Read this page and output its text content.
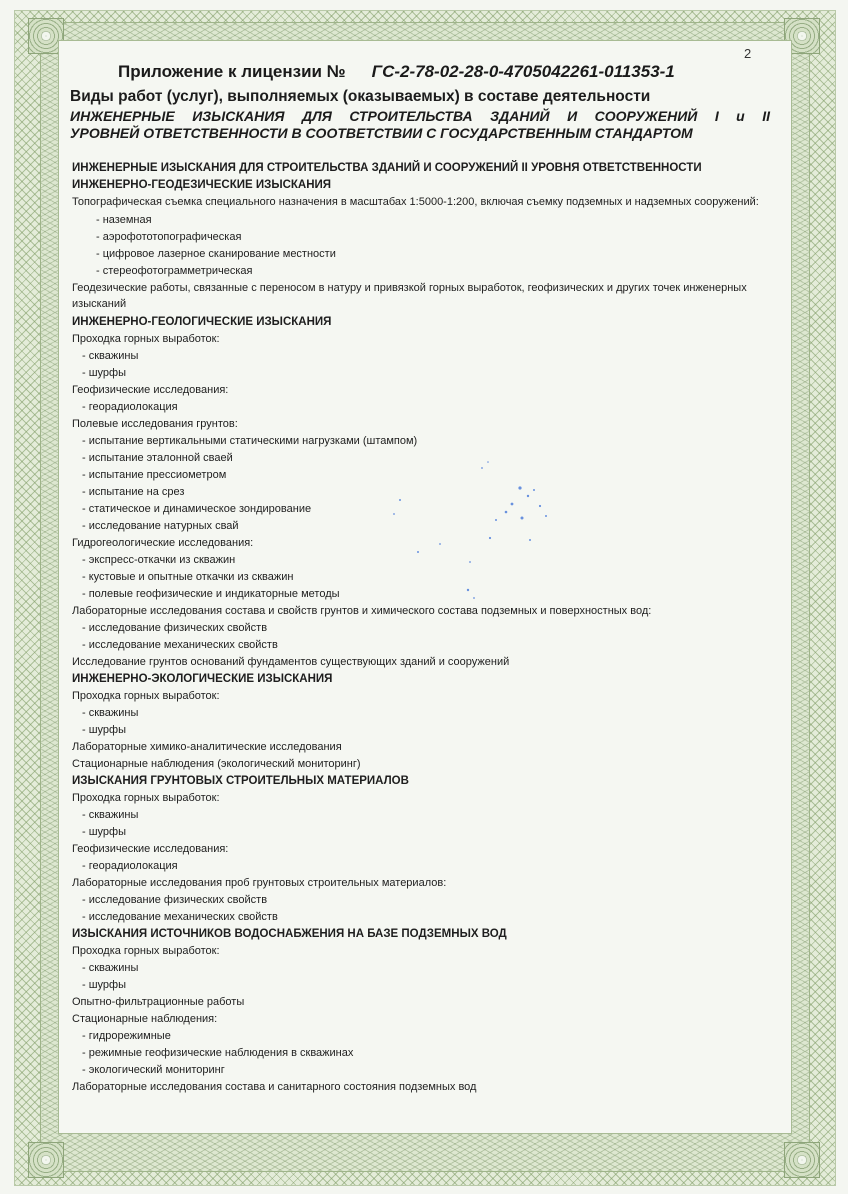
2
Приложение к лицензии № ГС-2-78-02-28-0-4705042261-011353-1
Виды работ (услуг), выполняемых (оказываемых) в составе деятельности
ИНЖЕНЕРНЫЕ ИЗЫСКАНИЯ ДЛЯ СТРОИТЕЛЬСТВА ЗДАНИЙ И СООРУЖЕНИЙ I и II
УРОВНЕЙ ОТВЕТСТВЕННОСТИ В СООТВЕТСТВИИ С ГОСУДАРСТВЕННЫМ СТАНДАРТОМ
ИНЖЕНЕРНЫЕ ИЗЫСКАНИЯ ДЛЯ СТРОИТЕЛЬСТВА ЗДАНИЙ И СООРУЖЕНИЙ II УРОВНЯ ОТВЕТСТВЕННОСТИ
ИНЖЕНЕРНО-ГЕОДЕЗИЧЕСКИЕ ИЗЫСКАНИЯ
Топографическая съемка специального назначения в масштабах 1:5000-1:200, включая съемку подземных и надземных сооружений:
- наземная
- аэрофототопографическая
- цифровое лазерное сканирование местности
- стереофотограмметрическая
Геодезические работы, связанные с переносом в натуру и привязкой горных выработок, геофизических и других точек инженерных изысканий
ИНЖЕНЕРНО-ГЕОЛОГИЧЕСКИЕ ИЗЫСКАНИЯ
Проходка горных выработок:
- скважины
- шурфы
Геофизические исследования:
- георадиолокация
Полевые исследования грунтов:
- испытание вертикальными статическими нагрузками (штампом)
- испытание эталонной сваей
- испытание прессиометром
- испытание на срез
- статическое и динамическое зондирование
- исследование натурных свай
Гидрогеологические исследования:
- экспресс-откачки из скважин
- кустовые и опытные откачки из скважин
- полевые геофизические и индикаторные методы
Лабораторные исследования состава и свойств грунтов и химического состава подземных и поверхностных вод:
- исследование физических свойств
- исследование механических свойств
Исследование грунтов оснований фундаментов существующих зданий и сооружений
ИНЖЕНЕРНО-ЭКОЛОГИЧЕСКИЕ ИЗЫСКАНИЯ
Проходка горных выработок:
- скважины
- шурфы
Лабораторные химико-аналитические исследования
Стационарные наблюдения (экологический мониторинг)
ИЗЫСКАНИЯ ГРУНТОВЫХ СТРОИТЕЛЬНЫХ МАТЕРИАЛОВ
Проходка горных выработок:
- скважины
- шурфы
Геофизические исследования:
- георадиолокация
Лабораторные исследования проб грунтовых строительных материалов:
- исследование физических свойств
- исследование механических свойств
ИЗЫСКАНИЯ ИСТОЧНИКОВ ВОДОСНАБЖЕНИЯ НА БАЗЕ ПОДЗЕМНЫХ ВОД
Проходка горных выработок:
- скважины
- шурфы
Опытно-фильтрационные работы
Стационарные наблюдения:
- гидрорежимные
- режимные геофизические наблюдения в скважинах
- экологический мониторинг
Лабораторные исследования состава и санитарного состояния подземных вод
